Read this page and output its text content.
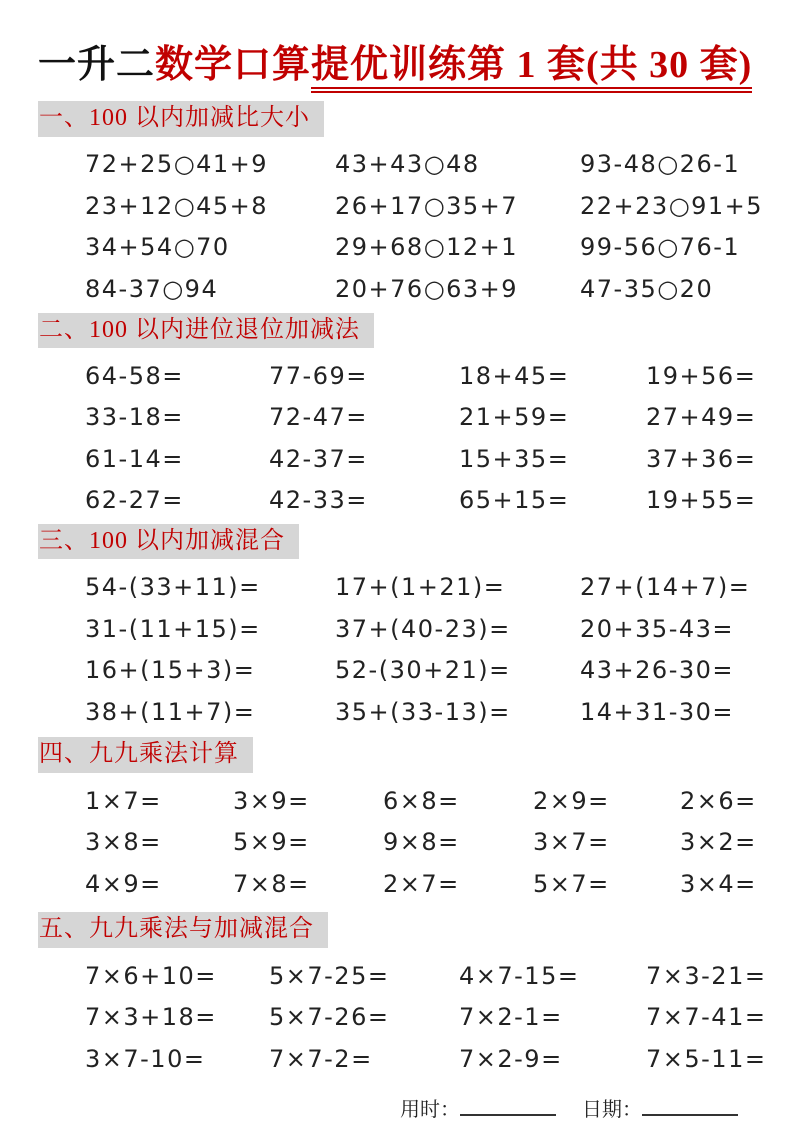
一升二数学口算提优训练第 1 套(共 30 套)
一、100 以内加减比大小
72+25○41+9	43+43○48	93-48○26-1
23+12○45+8	26+17○35+7	22+23○91+5
34+54○70	29+68○12+1	99-56○76-1
84-37○94	20+76○63+9	47-35○20
二、100 以内进位退位加减法
64-58=	77-69=	18+45=	19+56=
33-18=	72-47=	21+59=	27+49=
61-14=	42-37=	15+35=	37+36=
62-27=	42-33=	65+15=	19+55=
三、100 以内加减混合
54-(33+11)=	17+(1+21)=	27+(14+7)=
31-(11+15)=	37+(40-23)=	20+35-43=
16+(15+3)=	52-(30+21)=	43+26-30=
38+(11+7)=	35+(33-13)=	14+31-30=
四、九九乘法计算
1×7=	3×9=	6×8=	2×9=	2×6=
3×8=	5×9=	9×8=	3×7=	3×2=
4×9=	7×8=	2×7=	5×7=	3×4=
五、九九乘法与加减混合
7×6+10=	5×7-25=	4×7-15=	7×3-21=
7×3+18=	5×7-26=	7×2-1=	7×7-41=
3×7-10=	7×7-2=	7×2-9=	7×5-11=
用时：	日期：
